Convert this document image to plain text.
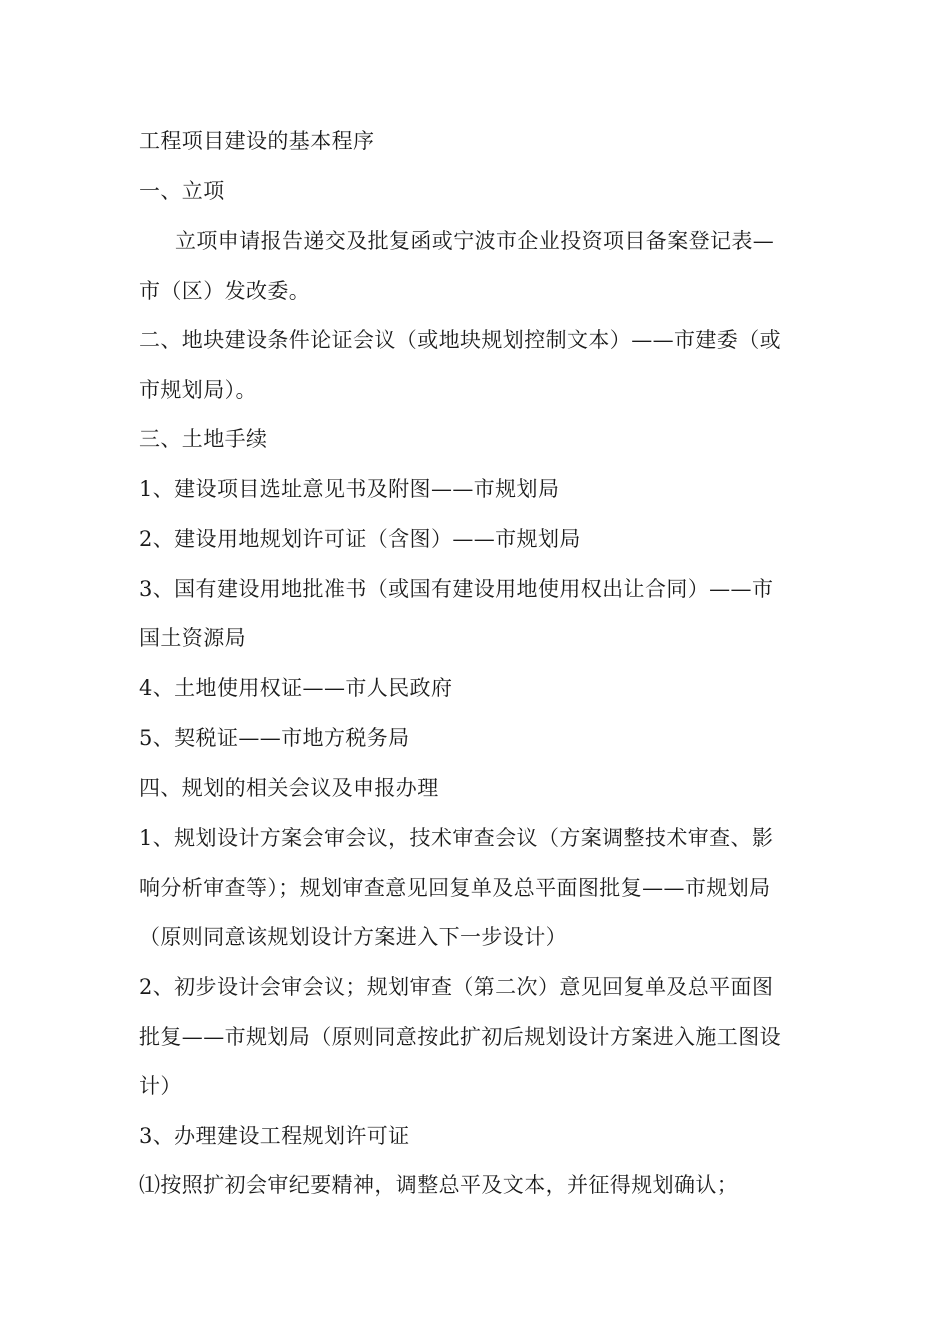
工程项目建设的基本程序
一、立项
立项申请报告递交及批复函或宁波市企业投资项目备案登记表—
市（区）发改委。
二、地块建设条件论证会议（或地块规划控制文本）——市建委（或
市规划局）。
三、土地手续
1、建设项目选址意见书及附图——市规划局
2、建设用地规划许可证（含图）——市规划局
3、国有建设用地批准书（或国有建设用地使用权出让合同）——市
国土资源局
4、土地使用权证——市人民政府
5、契税证——市地方税务局
四、规划的相关会议及申报办理
1、规划设计方案会审会议，技术审查会议（方案调整技术审查、影
响分析审查等）；规划审查意见回复单及总平面图批复——市规划局
（原则同意该规划设计方案进入下一步设计）
2、初步设计会审会议；规划审查（第二次）意见回复单及总平面图
批复——市规划局（原则同意按此扩初后规划设计方案进入施工图设
计）
3、办理建设工程规划许可证
⑴按照扩初会审纪要精神，调整总平及文本，并征得规划确认；
